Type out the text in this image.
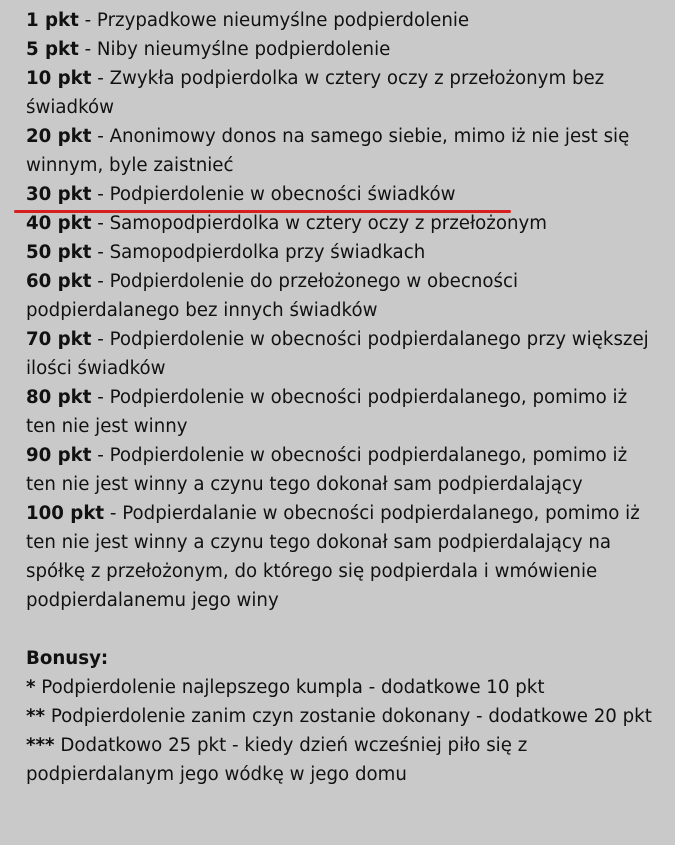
1 pkt - Przypadkowe nieumyślne podpierdolenie
5 pkt - Niby nieumyślne podpierdolenie
10 pkt - Zwykła podpierdolka w cztery oczy z przełożonym bez świadków
20 pkt - Anonimowy donos na samego siebie, mimo iż nie jest się winnym, byle zaistnieć
30 pkt - Podpierdolenie w obecności świadków
40 pkt - Samopodpierdolka w cztery oczy z przełożonym
50 pkt - Samopodpierdolka przy świadkach
60 pkt - Podpierdolenie do przełożonego w obecności podpierdalanego bez innych świadków
70 pkt - Podpierdolenie w obecności podpierdalanego przy większej ilości świadków
80 pkt - Podpierdolenie w obecności podpierdalanego, pomimo iż ten nie jest winny
90 pkt - Podpierdolenie w obecności podpierdalanego, pomimo iż ten nie jest winny a czynu tego dokonał sam podpierdalający
100 pkt - Podpierdalanie w obecności podpierdalanego, pomimo iż ten nie jest winny a czynu tego dokonał sam podpierdalający na spółkę z przełożonym, do którego się podpierdala i wmówienie podpierdalanemu jego winy
Bonusy:
* Podpierdolenie najlepszego kumpla - dodatkowe 10 pkt
** Podpierdolenie zanim czyn zostanie dokonany - dodatkowe 20 pkt
*** Dodatkowo 25 pkt - kiedy dzień wcześniej piło się z podpierdalanym jego wódkę w jego domu
